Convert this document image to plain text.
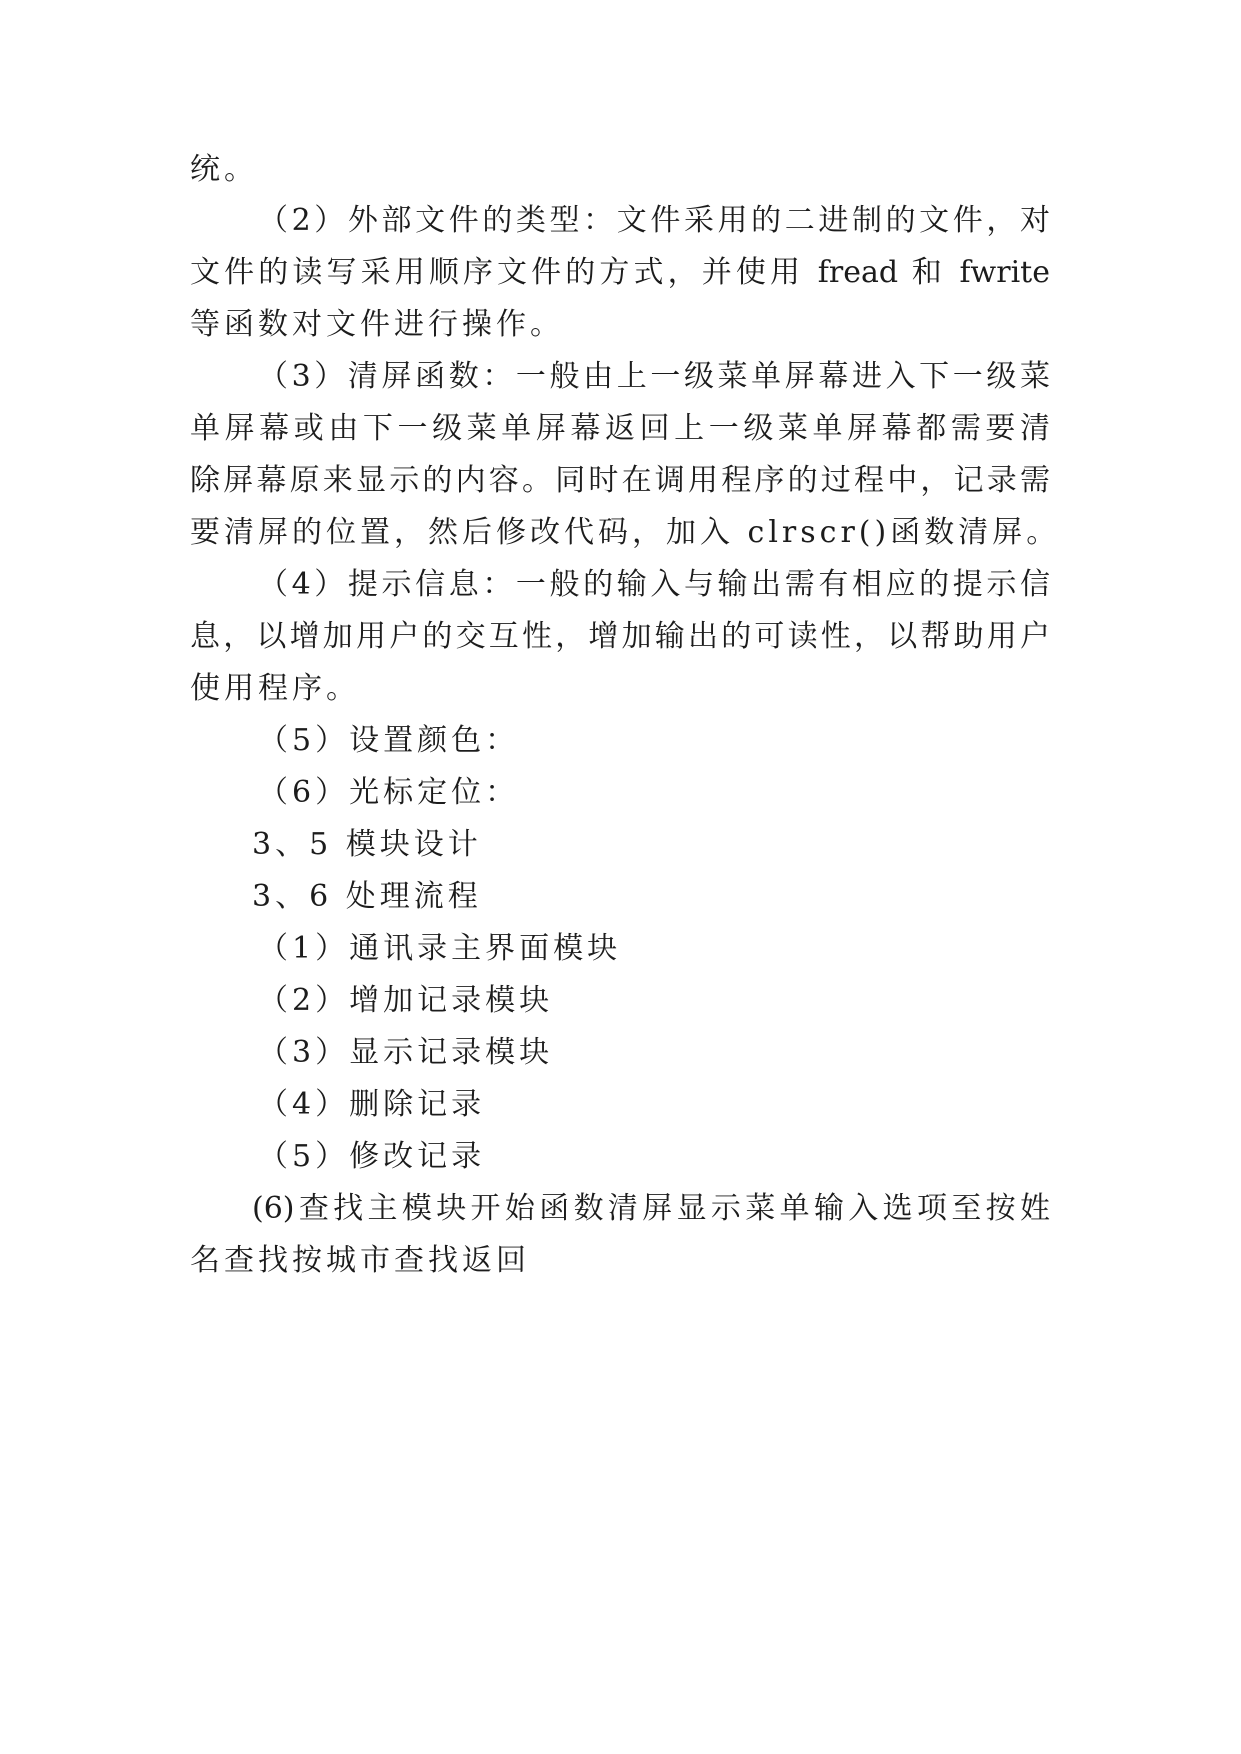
统。
（2）外部文件的类型：文件采用的二进制的文件，对
文件的读写采用顺序文件的方式，并使用 fread 和 fwrite
等函数对文件进行操作。
（3）清屏函数：一般由上一级菜单屏幕进入下一级菜
单屏幕或由下一级菜单屏幕返回上一级菜单屏幕都需要清
除屏幕原来显示的内容。同时在调用程序的过程中，记录需
要清屏的位置，然后修改代码，加入 clrscr()函数清屏。
（4）提示信息：一般的输入与输出需有相应的提示信
息，以增加用户的交互性，增加输出的可读性，以帮助用户
使用程序。
（5）设置颜色：
（6）光标定位：
3、5 模块设计
3、6 处理流程
（1）通讯录主界面模块
（2）增加记录模块
（3）显示记录模块
（4）删除记录
（5）修改记录
(6)查找主模块开始函数清屏显示菜单输入选项至按姓
名查找按城市查找返回
